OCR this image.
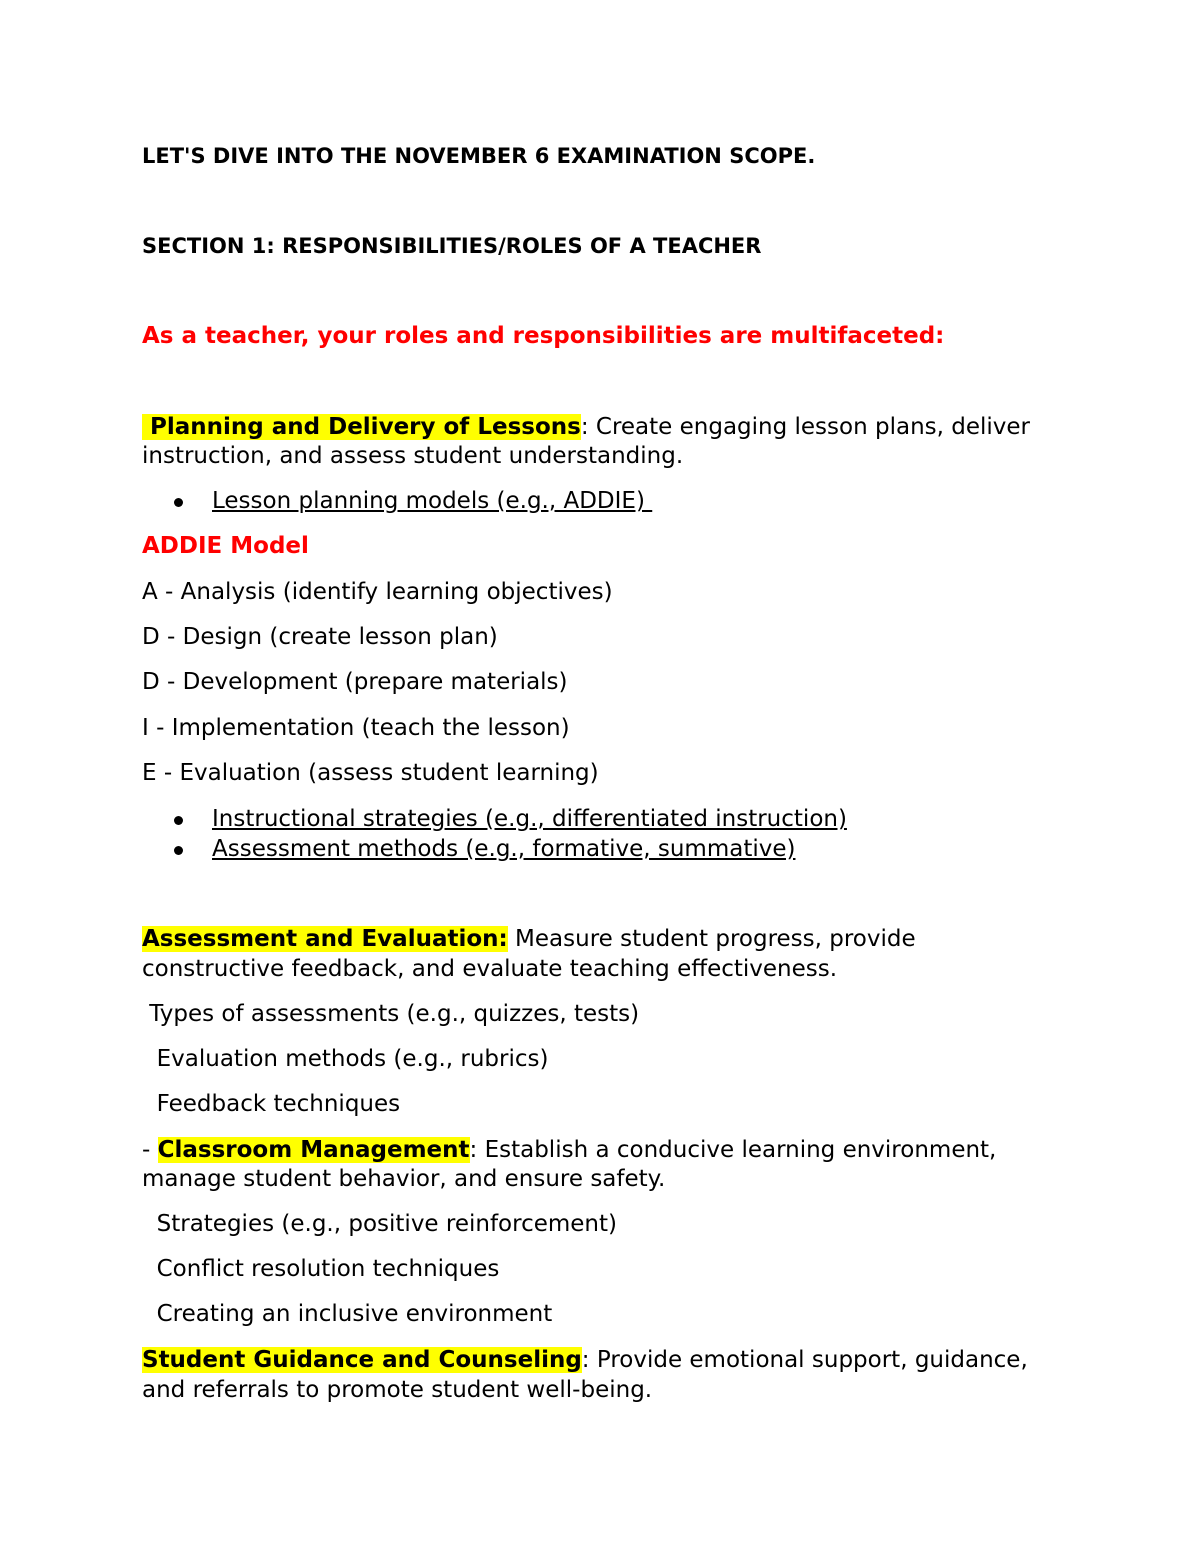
LET'S DIVE INTO THE NOVEMBER 6 EXAMINATION SCOPE.
SECTION 1: RESPONSIBILITIES/ROLES OF A TEACHER
As a teacher, your roles and responsibilities are multifaceted:
Planning and Delivery of Lessons: Create engaging lesson plans, deliver
instruction, and assess student understanding.
Lesson planning models (e.g., ADDIE)
ADDIE Model
A - Analysis (identify learning objectives)
D - Design (create lesson plan)
D - Development (prepare materials)
I - Implementation (teach the lesson)
E - Evaluation (assess student learning)
Instructional strategies (e.g., differentiated instruction)
Assessment methods (e.g., formative, summative)
Assessment and Evaluation: Measure student progress, provide
constructive feedback, and evaluate teaching effectiveness.
Types of assessments (e.g., quizzes, tests)
Evaluation methods (e.g., rubrics)
Feedback techniques
- Classroom Management: Establish a conducive learning environment,
manage student behavior, and ensure safety.
Strategies (e.g., positive reinforcement)
Conflict resolution techniques
Creating an inclusive environment
Student Guidance and Counseling: Provide emotional support, guidance,
and referrals to promote student well-being.
